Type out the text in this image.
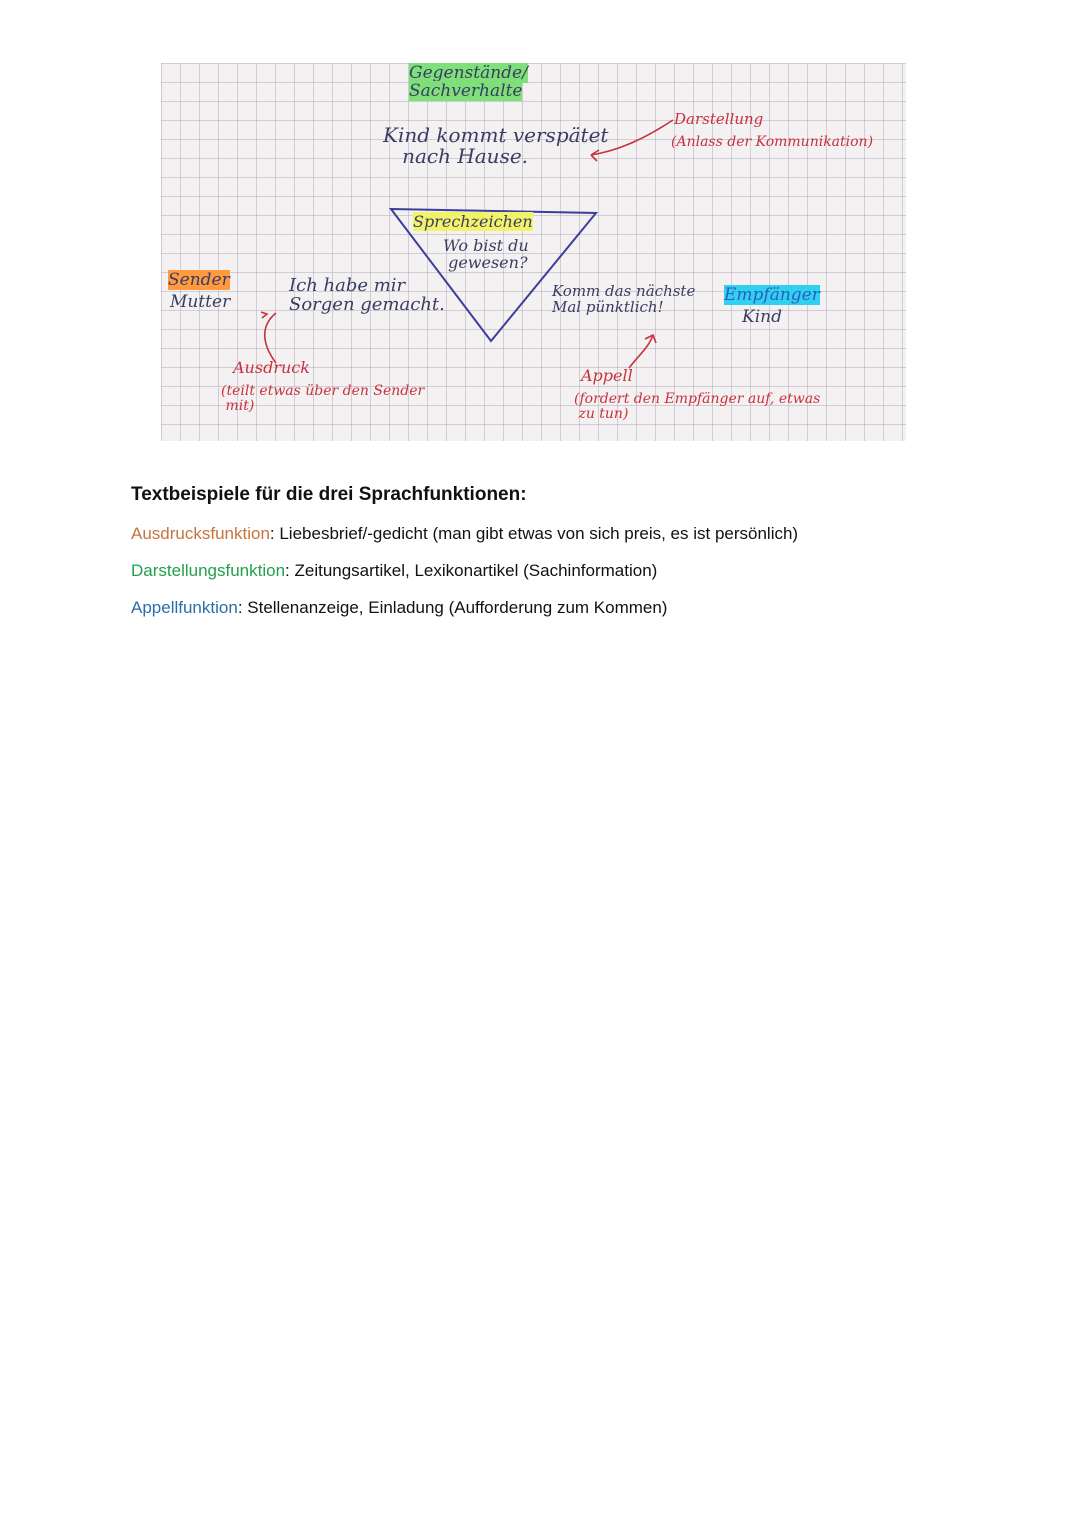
Gegenstände/
Sachverhalte
Kind kommt verspätet
nach Hause.
Darstellung
(Anlass der Kommunikation)
Sprechzeichen
Wo bist du
gewesen?
Sender
Mutter
Ich habe mir
Sorgen gemacht.
Komm das nächste
Mal pünktlich!
Empfänger
Kind
Ausdruck
(teilt etwas über den Sender
mit)
Appell
(fordert den Empfänger auf, etwas
zu tun)
Textbeispiele für die drei Sprachfunktionen:
Ausdrucksfunktion: Liebesbrief/-gedicht (man gibt etwas von sich preis, es ist persönlich)
Darstellungsfunktion: Zeitungsartikel, Lexikonartikel (Sachinformation)
Appellfunktion: Stellenanzeige, Einladung (Aufforderung zum Kommen)
